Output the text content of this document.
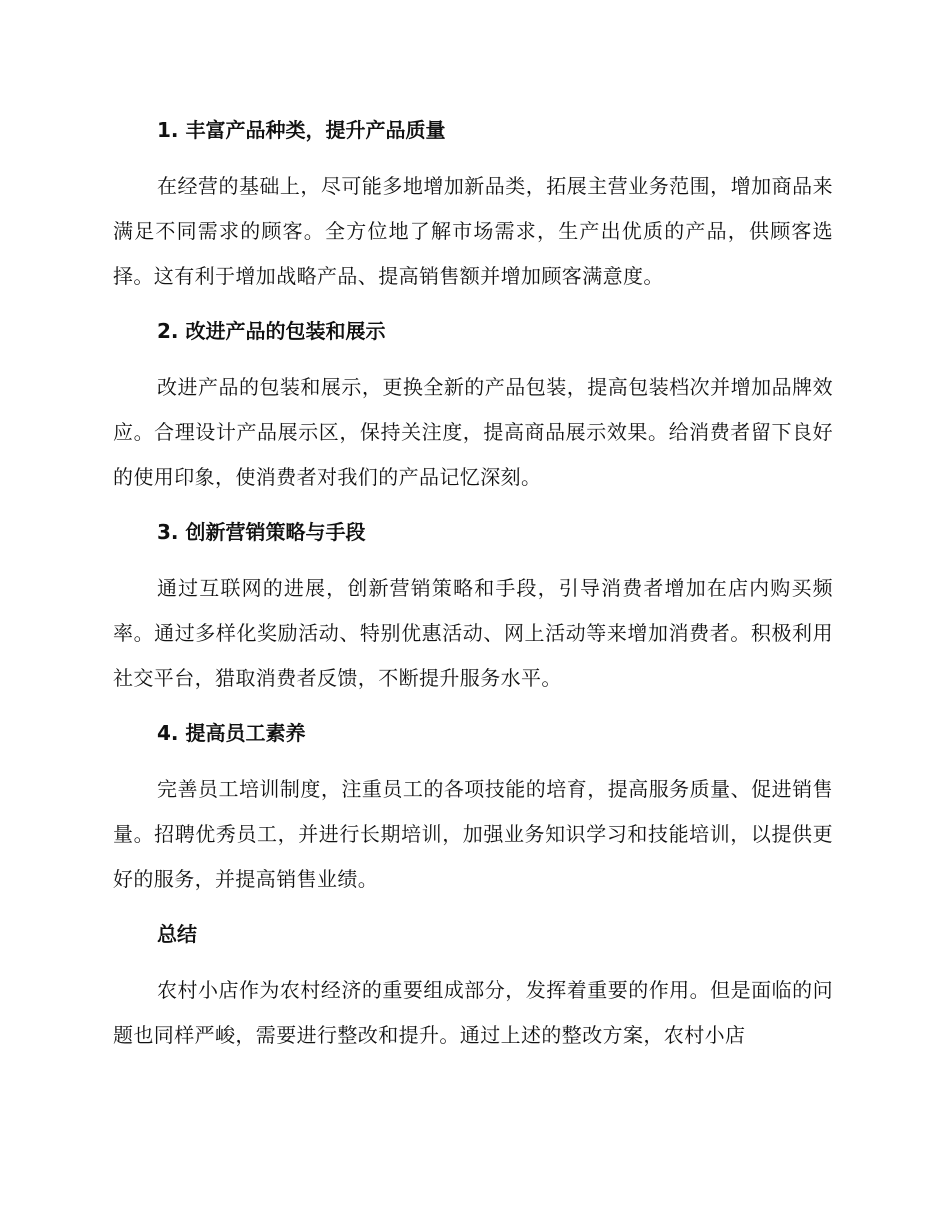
1. 丰富产品种类，提升产品质量
在经营的基础上，尽可能多地增加新品类，拓展主营业务范围，增加商品来满足不同需求的顾客。全方位地了解市场需求，生产出优质的产品，供顾客选择。这有利于增加战略产品、提高销售额并增加顾客满意度。
2. 改进产品的包装和展示
改进产品的包装和展示，更换全新的产品包装，提高包装档次并增加品牌效应。合理设计产品展示区，保持关注度，提高商品展示效果。给消费者留下良好的使用印象，使消费者对我们的产品记忆深刻。
3. 创新营销策略与手段
通过互联网的进展，创新营销策略和手段，引导消费者增加在店内购买频率。通过多样化奖励活动、特别优惠活动、网上活动等来增加消费者。积极利用社交平台，猎取消费者反馈，不断提升服务水平。
4. 提高员工素养
完善员工培训制度，注重员工的各项技能的培育，提高服务质量、促进销售量。招聘优秀员工，并进行长期培训，加强业务知识学习和技能培训，以提供更好的服务，并提高销售业绩。
总结
农村小店作为农村经济的重要组成部分，发挥着重要的作用。但是面临的问题也同样严峻，需要进行整改和提升。通过上述的整改方案，农村小店
